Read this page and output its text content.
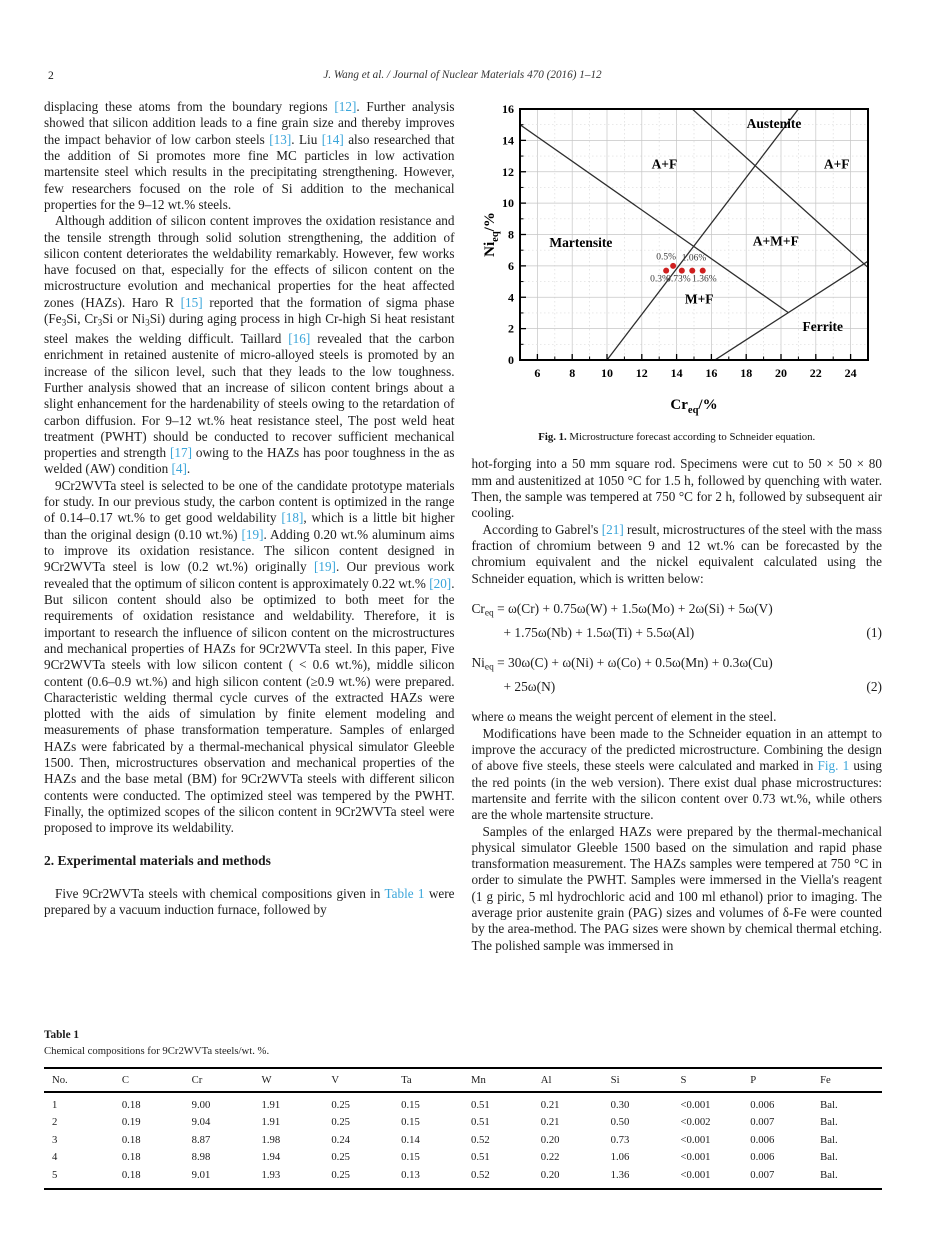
2	J. Wang et al. / Journal of Nuclear Materials 470 (2016) 1–12

displacing these atoms from the boundary regions [12]. Further analysis showed that silicon addition leads to a fine grain size and thereby improves the impact behavior of low carbon steels [13]. Liu [14] also researched that the addition of Si promotes more fine MC particles in low activation martensite steel which results in the precipitating strengthening. However, few researchers focused on the role of Si addition to the mechanical properties for the 9–12 wt.% steels.

Although addition of silicon content improves the oxidation resistance and the tensile strength through solid solution strengthening, the addition of silicon content deteriorates the weldability remarkably. However, few works have focused on that, especially for the effects of silicon content on the microstructure evolution and mechanical properties for the heat affected zones (HAZs). Haro R [15] reported that the formation of sigma phase ($Fe_3Si$, $Cr_3Si$ or $Ni_3Si$) during aging process in high Cr-high Si heat resistant steel makes the welding difficult. Taillard [16] revealed that the carbon enrichment in retained austenite of micro-alloyed steels is promoted by an increase of the silicon level, such that they leads to the low toughness. Further analysis showed that an increase of silicon content brings about a slight enhancement for the hardenability of steels owing to the retardation of carbon diffusion. For 9–12 wt.% heat resistance steel, The post weld heat treatment (PWHT) should be conducted to recover sufficient mechanical properties and strength [17] owing to the HAZs has poor toughness in the as welded (AW) condition [4].

9Cr2WVTa steel is selected to be one of the candidate prototype materials for study. In our previous study, the carbon content is optimized in the range of 0.14–0.17 wt.% to get good weldability [18], which is a little bit higher than the original design (0.10 wt.%) [19]. Adding 0.20 wt.% aluminum aims to improve its oxidation resistance. The silicon content designed in 9Cr2WVTa steel is low (0.2 wt.%) originally [19]. Our previous work revealed that the optimum of silicon content is approximately 0.22 wt.% [20]. But silicon content should also be optimized to both meet for the requirements of oxidation resistance and weldability. Therefore, it is important to research the influence of silicon content on the microstructures and mechanical properties of HAZs for 9Cr2WVTa steel. In this paper, Five 9Cr2WVTa steels with low silicon content ( < 0.6 wt.%), middle silicon content (0.6–0.9 wt.%) and high silicon content (≥0.9 wt.%) were prepared. Characteristic welding thermal cycle curves of the extracted HAZs were plotted with the aids of simulation by finite element modeling and measurements of phase transformation temperature. Samples of enlarged HAZs were fabricated by a thermal-mechanical physical simulator Gleeble 1500. Then, microstructures observation and mechanical properties of the HAZs and the base metal (BM) for 9Cr2WVTa steels with different silicon contents were conducted. The optimized steel was tempered by the PWHT. Finally, the optimized scopes of the silicon content in 9Cr2WVTa steel were proposed to improve its weldability.

2. Experimental materials and methods

Five 9Cr2WVTa steels with chemical compositions given in Table 1 were prepared by a vacuum induction furnace, followed by

Austenite
A+F	A+F
Martensite	A+M+F
M+F
Ferrite
0.3%
0.5%
0.73%
1.06%
1.36%
6 8 10 12 14 16 18 20 22 24
0
2
4
6
8
10
12
14
16
$Cr_{eq}/\%$
$Ni_{eq}/\%$
Fig. 1. Microstructure forecast according to Schneider equation.

hot-forging into a 50 mm square rod. Specimens were cut to 50 × 50 × 80 mm and austenitized at 1050 °C for 1.5 h, followed by quenching with water. Then, the sample was tempered at 750 °C for 2 h, followed by subsequent air cooling.

According to Gabrel's [21] result, microstructures of the steel with the mass fraction of chromium between 9 and 12 wt.% can be forecasted by the chromium equivalent and the nickel equivalent calculated using the Schneider equation, which is written below:

$Cr_{eq} = \omega(Cr) + 0.75\omega(W) + 1.5\omega(Mo) + 2\omega(Si) + 5\omega(V)$
+ 1.75ω(Nb) + 1.5ω(Ti) + 5.5ω(Al)	(1)
$Ni_{eq} = 30\omega(C) + \omega(Ni) + \omega(Co) + 0.5\omega(Mn) + 0.3\omega(Cu)$
+ 25ω(N)	(2)

where ω means the weight percent of element in the steel.

Modifications have been made to the Schneider equation in an attempt to improve the accuracy of the predicted microstructure. Combining the design of above five steels, these steels were calculated and marked in Fig. 1 using the red points (in the web version). There exist dual phase microstructures: martensite and ferrite with the silicon content over 0.73 wt.%, while others are the whole martensite structure.

Samples of the enlarged HAZs were prepared by the thermal-mechanical physical simulator Gleeble 1500 based on the simulation and rapid phase transformation measurement. The HAZs samples were tempered at 750 °C in order to simulate the PWHT. Samples were immersed in the Viella's reagent (1 g piric, 5 ml hydrochloric acid and 100 ml ethanol) prior to imaging. The average prior austenite grain (PAG) sizes and volumes of δ-Fe were counted by the area-method. The PAG sizes were shown by chemical thermal etching. The polished sample was immersed in

Table 1
Chemical compositions for 9Cr2WVTa steels/wt. %.
No.	C	Cr	W	V	Ta	Mn	Al	Si	S	P	Fe
1	0.18	9.00	1.91	0.25	0.15	0.51	0.21	0.30	<0.001	0.006	Bal.
2	0.19	9.04	1.91	0.25	0.15	0.51	0.21	0.50	<0.002	0.007	Bal.
3	0.18	8.87	1.98	0.24	0.14	0.52	0.20	0.73	<0.001	0.006	Bal.
4	0.18	8.98	1.94	0.25	0.15	0.51	0.22	1.06	<0.001	0.006	Bal.
5	0.18	9.01	1.93	0.25	0.13	0.52	0.20	1.36	<0.001	0.007	Bal.
